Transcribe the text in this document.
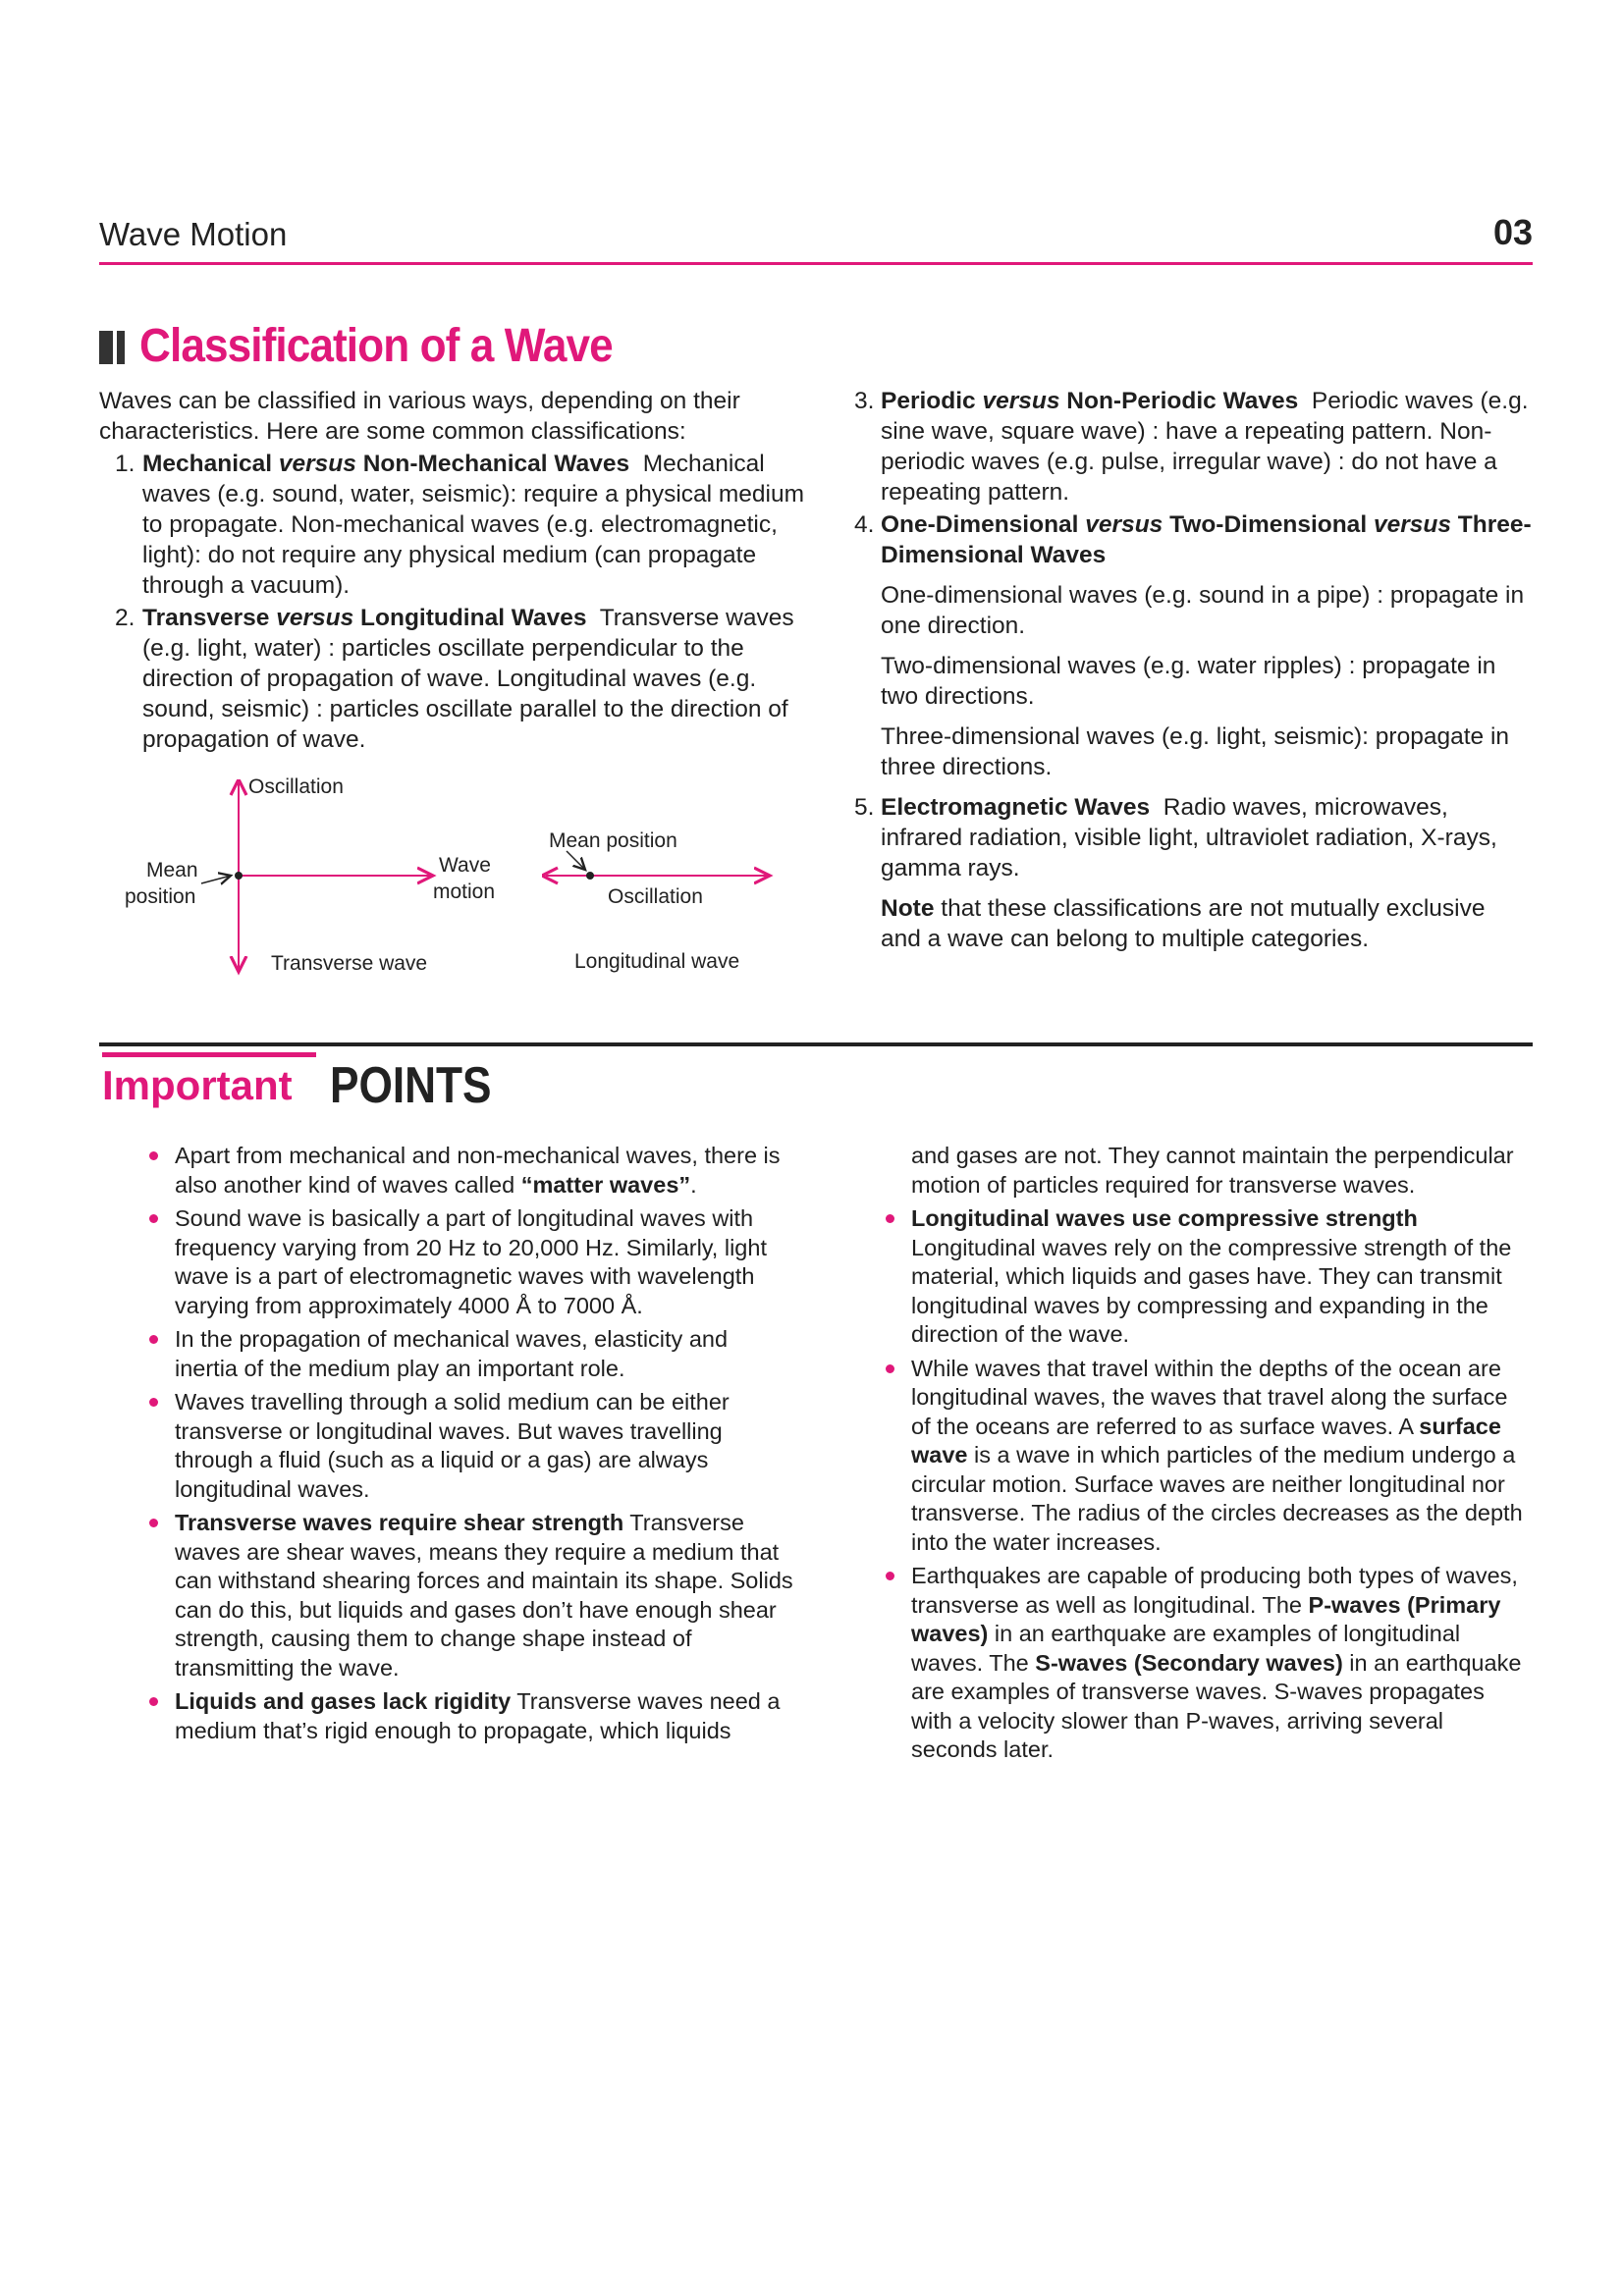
Wave Motion	03
Classification of a Wave
Waves can be classified in various ways, depending on their characteristics. Here are some common classifications:
1. Mechanical versus Non-Mechanical Waves Mechanical waves (e.g. sound, water, seismic): require a physical medium to propagate. Non-mechanical waves (e.g. electromagnetic, light): do not require any physical medium (can propagate through a vacuum).
2. Transverse versus Longitudinal Waves Transverse waves (e.g. light, water) : particles oscillate perpendicular to the direction of propagation of wave. Longitudinal waves (e.g. sound, seismic) : particles oscillate parallel to the direction of propagation of wave.
Oscillation
Mean
position
Wave
motion
Transverse wave
Mean position
Oscillation
Longitudinal wave
3. Periodic versus Non-Periodic Waves Periodic waves (e.g. sine wave, square wave) : have a repeating pattern. Non-periodic waves (e.g. pulse, irregular wave) : do not have a repeating pattern.
4. One-Dimensional versus Two-Dimensional versus Three-Dimensional Waves
One-dimensional waves (e.g. sound in a pipe) : propagate in one direction.
Two-dimensional waves (e.g. water ripples) : propagate in two directions.
Three-dimensional waves (e.g. light, seismic): propagate in three directions.
5. Electromagnetic Waves Radio waves, microwaves, infrared radiation, visible light, ultraviolet radiation, X-rays, gamma rays.
Note that these classifications are not mutually exclusive and a wave can belong to multiple categories.
Important POINTS
Apart from mechanical and non-mechanical waves, there is also another kind of waves called “matter waves”.
Sound wave is basically a part of longitudinal waves with frequency varying from 20 Hz to 20,000 Hz. Similarly, light wave is a part of electromagnetic waves with wavelength varying from approximately 4000 Å to 7000 Å.
In the propagation of mechanical waves, elasticity and inertia of the medium play an important role.
Waves travelling through a solid medium can be either transverse or longitudinal waves. But waves travelling through a fluid (such as a liquid or a gas) are always longitudinal waves.
Transverse waves require shear strength Transverse waves are shear waves, means they require a medium that can withstand shearing forces and maintain its shape. Solids can do this, but liquids and gases don’t have enough shear strength, causing them to change shape instead of transmitting the wave.
Liquids and gases lack rigidity Transverse waves need a medium that’s rigid enough to propagate, which liquids
and gases are not. They cannot maintain the perpendicular motion of particles required for transverse waves.
Longitudinal waves use compressive strength
Longitudinal waves rely on the compressive strength of the material, which liquids and gases have. They can transmit longitudinal waves by compressing and expanding in the direction of the wave.
While waves that travel within the depths of the ocean are longitudinal waves, the waves that travel along the surface of the oceans are referred to as surface waves. A surface wave is a wave in which particles of the medium undergo a circular motion. Surface waves are neither longitudinal nor transverse. The radius of the circles decreases as the depth into the water increases.
Earthquakes are capable of producing both types of waves, transverse as well as longitudinal. The P-waves (Primary waves) in an earthquake are examples of longitudinal waves. The S-waves (Secondary waves) in an earthquake are examples of transverse waves. S-waves propagates with a velocity slower than P-waves, arriving several seconds later.
